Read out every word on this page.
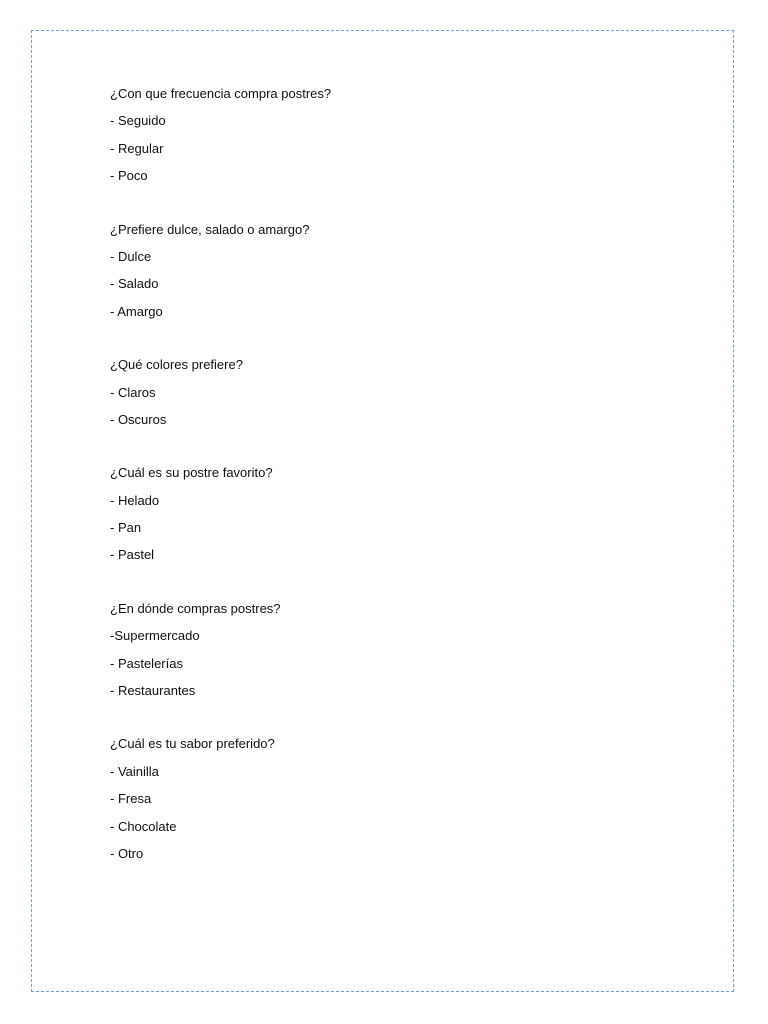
¿Con que frecuencia compra postres?
- Seguido
- Regular
- Poco
¿Prefiere dulce, salado o amargo?
- Dulce
- Salado
- Amargo
¿Qué colores prefiere?
- Claros
- Oscuros
¿Cuál es su postre favorito?
- Helado
- Pan
- Pastel
¿En dónde compras postres?
-Supermercado
- Pastelerías
- Restaurantes
¿Cuál es tu sabor preferido?
- Vainilla
- Fresa
- Chocolate
- Otro
